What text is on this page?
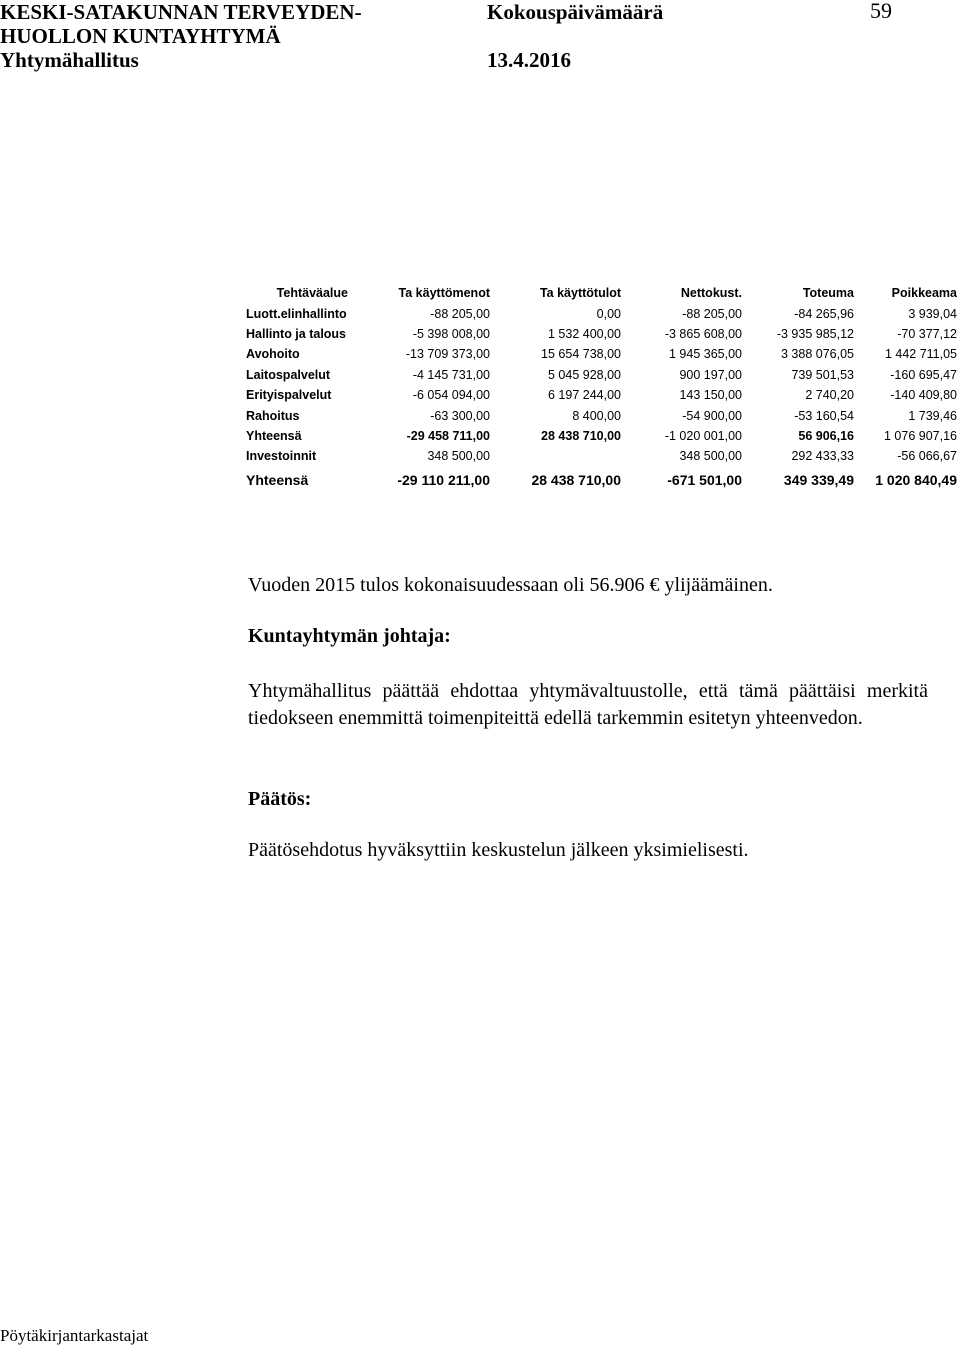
KESKI-SATAKUNNAN TERVEYDEN-
HUOLLON KUNTAYHTYMÄ
Yhtymähallitus
Kokouspäivämäärä
13.4.2016
59
Tehtäväalue	Ta käyttömenot	Ta käyttötulot	Nettokust.	Toteuma	Poikkeama
Luott.elinhallinto	-88 205,00	0,00	-88 205,00	-84 265,96	3 939,04
Hallinto ja talous	-5 398 008,00	1 532 400,00	-3 865 608,00	-3 935 985,12	-70 377,12
Avohoito	-13 709 373,00	15 654 738,00	1 945 365,00	3 388 076,05	1 442 711,05
Laitospalvelut	-4 145 731,00	5 045 928,00	900 197,00	739 501,53	-160 695,47
Erityispalvelut	-6 054 094,00	6 197 244,00	143 150,00	2 740,20	-140 409,80
Rahoitus	-63 300,00	8 400,00	-54 900,00	-53 160,54	1 739,46
Yhteensä	-29 458 711,00	28 438 710,00	-1 020 001,00	56 906,16	1 076 907,16
Investoinnit	348 500,00		348 500,00	292 433,33	-56 066,67
Yhteensä	-29 110 211,00	28 438 710,00	-671 501,00	349 339,49	1 020 840,49
Vuoden 2015 tulos kokonaisuudessaan oli 56.906 € ylijäämäinen.
Kuntayhtymän johtaja:
Yhtymähallitus päättää ehdottaa yhtymävaltuustolle, että tämä päättäisi merkitä tiedokseen enemmittä toimenpiteittä edellä tarkemmin esitetyn yhteenvedon.
Päätös:
Päätösehdotus hyväksyttiin keskustelun jälkeen yksimielisesti.
Pöytäkirjantarkastajat
